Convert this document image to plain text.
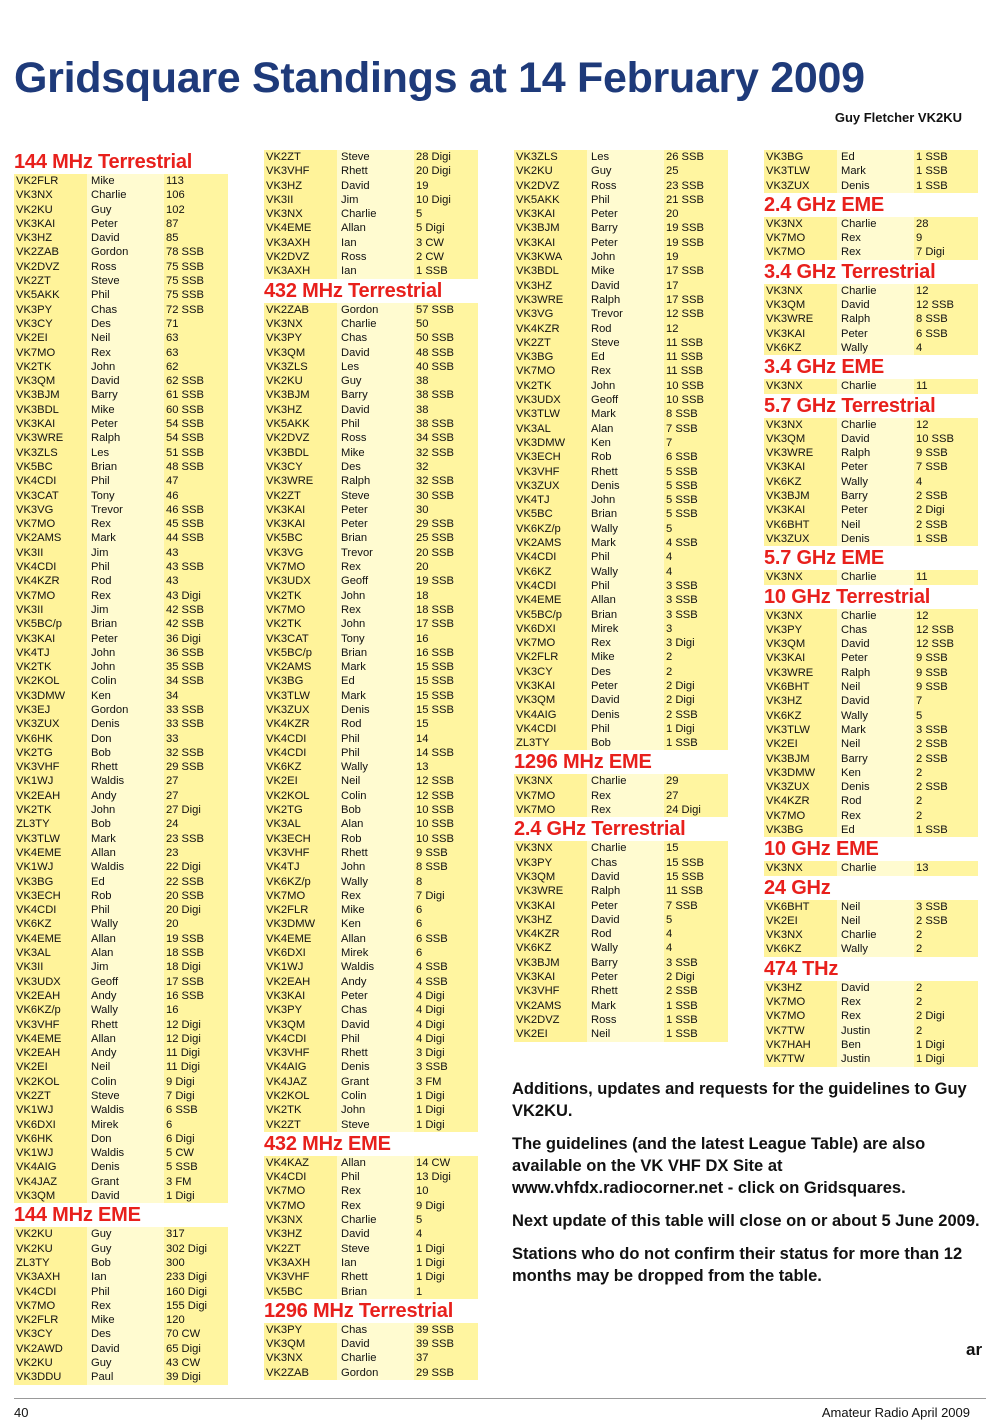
Gridsquare Standings at 14 February 2009
Guy Fletcher VK2KU
144 MHz Terrestrial
VK2FLR	Mike	113
VK3NX	Charlie	106
VK2KU	Guy	102
VK3KAI	Peter	87
VK3HZ	David	85
VK2ZAB	Gordon	78 SSB
VK2DVZ	Ross	75 SSB
VK2ZT	Steve	75 SSB
VK5AKK	Phil	75 SSB
VK3PY	Chas	72 SSB
VK3CY	Des	71
VK2EI	Neil	63
VK7MO	Rex	63
VK2TK	John	62
VK3QM	David	62 SSB
VK3BJM	Barry	61 SSB
VK3BDL	Mike	60 SSB
VK3KAI	Peter	54 SSB
VK3WRE	Ralph	54 SSB
VK3ZLS	Les	51 SSB
VK5BC	Brian	48 SSB
VK4CDI	Phil	47
VK3CAT	Tony	46
VK3VG	Trevor	46 SSB
VK7MO	Rex	45 SSB
VK2AMS	Mark	44 SSB
VK3II	Jim	43
VK4CDI	Phil	43 SSB
VK4KZR	Rod	43
VK7MO	Rex	43 Digi
VK3II	Jim	42 SSB
VK5BC/p	Brian	42 SSB
VK3KAI	Peter	36 Digi
VK4TJ	John	36 SSB
VK2TK	John	35 SSB
VK2KOL	Colin	34 SSB
VK3DMW	Ken	34
VK3EJ	Gordon	33 SSB
VK3ZUX	Denis	33 SSB
VK6HK	Don	33
VK2TG	Bob	32 SSB
VK3VHF	Rhett	29 SSB
VK1WJ	Waldis	27
VK2EAH	Andy	27
VK2TK	John	27 Digi
ZL3TY	Bob	24
VK3TLW	Mark	23 SSB
VK4EME	Allan	23
VK1WJ	Waldis	22 Digi
VK3BG	Ed	22 SSB
VK3ECH	Rob	20 SSB
VK4CDI	Phil	20 Digi
VK6KZ	Wally	20
VK4EME	Allan	19 SSB
VK3AL	Alan	18 SSB
VK3II	Jim	18 Digi
VK3UDX	Geoff	17 SSB
VK2EAH	Andy	16 SSB
VK6KZ/p	Wally	16
VK3VHF	Rhett	12 Digi
VK4EME	Allan	12 Digi
VK2EAH	Andy	11 Digi
VK2EI	Neil	11 Digi
VK2KOL	Colin	9 Digi
VK2ZT	Steve	7 Digi
VK1WJ	Waldis	6 SSB
VK6DXI	Mirek	6
VK6HK	Don	6 Digi
VK1WJ	Waldis	5 CW
VK4AIG	Denis	5 SSB
VK4JAZ	Grant	3 FM
VK3QM	David	1 Digi
144 MHz EME
VK2KU	Guy	317
VK2KU	Guy	302 Digi
ZL3TY	Bob	300
VK3AXH	Ian	233 Digi
VK4CDI	Phil	160 Digi
VK7MO	Rex	155 Digi
VK2FLR	Mike	120
VK3CY	Des	70 CW
VK2AWD	David	65 Digi
VK2KU	Guy	43 CW
VK3DDU	Paul	39 Digi
VK2ZT	Steve	28 Digi
VK3VHF	Rhett	20 Digi
VK3HZ	David	19
VK3II	Jim	10 Digi
VK3NX	Charlie	5
VK4EME	Allan	5 Digi
VK3AXH	Ian	3 CW
VK2DVZ	Ross	2 CW
VK3AXH	Ian	1 SSB
432 MHz Terrestrial
VK2ZAB	Gordon	57 SSB
VK3NX	Charlie	50
VK3PY	Chas	50 SSB
VK3QM	David	48 SSB
VK3ZLS	Les	40 SSB
VK2KU	Guy	38
VK3BJM	Barry	38 SSB
VK3HZ	David	38
VK5AKK	Phil	38 SSB
VK2DVZ	Ross	34 SSB
VK3BDL	Mike	32 SSB
VK3CY	Des	32
VK3WRE	Ralph	32 SSB
VK2ZT	Steve	30 SSB
VK3KAI	Peter	30
VK3KAI	Peter	29 SSB
VK5BC	Brian	25 SSB
VK3VG	Trevor	20 SSB
VK7MO	Rex	20
VK3UDX	Geoff	19 SSB
VK2TK	John	18
VK7MO	Rex	18 SSB
VK2TK	John	17 SSB
VK3CAT	Tony	16
VK5BC/p	Brian	16 SSB
VK2AMS	Mark	15 SSB
VK3BG	Ed	15 SSB
VK3TLW	Mark	15 SSB
VK3ZUX	Denis	15 SSB
VK4KZR	Rod	15
VK4CDI	Phil	14
VK4CDI	Phil	14 SSB
VK6KZ	Wally	13
VK2EI	Neil	12 SSB
VK2KOL	Colin	12 SSB
VK2TG	Bob	10 SSB
VK3AL	Alan	10 SSB
VK3ECH	Rob	10 SSB
VK3VHF	Rhett	9 SSB
VK4TJ	John	8 SSB
VK6KZ/p	Wally	8
VK7MO	Rex	7 Digi
VK2FLR	Mike	6
VK3DMW	Ken	6
VK4EME	Allan	6 SSB
VK6DXI	Mirek	6
VK1WJ	Waldis	4 SSB
VK2EAH	Andy	4 SSB
VK3KAI	Peter	4 Digi
VK3PY	Chas	4 Digi
VK3QM	David	4 Digi
VK4CDI	Phil	4 Digi
VK3VHF	Rhett	3 Digi
VK4AIG	Denis	3 SSB
VK4JAZ	Grant	3 FM
VK2KOL	Colin	1 Digi
VK2TK	John	1 Digi
VK2ZT	Steve	1 Digi
432 MHz EME
VK4KAZ	Allan	14 CW
VK4CDI	Phil	13 Digi
VK7MO	Rex	10
VK7MO	Rex	9 Digi
VK3NX	Charlie	5
VK3HZ	David	4
VK2ZT	Steve	1 Digi
VK3AXH	Ian	1 Digi
VK3VHF	Rhett	1 Digi
VK5BC	Brian	1
1296 MHz Terrestrial
VK3PY	Chas	39 SSB
VK3QM	David	39 SSB
VK3NX	Charlie	37
VK2ZAB	Gordon	29 SSB
VK3ZLS	Les	26 SSB
VK2KU	Guy	25
VK2DVZ	Ross	23 SSB
VK5AKK	Phil	21 SSB
VK3KAI	Peter	20
VK3BJM	Barry	19 SSB
VK3KAI	Peter	19 SSB
VK3KWA	John	19
VK3BDL	Mike	17 SSB
VK3HZ	David	17
VK3WRE	Ralph	17 SSB
VK3VG	Trevor	12 SSB
VK4KZR	Rod	12
VK2ZT	Steve	11 SSB
VK3BG	Ed	11 SSB
VK7MO	Rex	11 SSB
VK2TK	John	10 SSB
VK3UDX	Geoff	10 SSB
VK3TLW	Mark	8 SSB
VK3AL	Alan	7 SSB
VK3DMW	Ken	7
VK3ECH	Rob	6 SSB
VK3VHF	Rhett	5 SSB
VK3ZUX	Denis	5 SSB
VK4TJ	John	5 SSB
VK5BC	Brian	5 SSB
VK6KZ/p	Wally	5
VK2AMS	Mark	4 SSB
VK4CDI	Phil	4
VK6KZ	Wally	4
VK4CDI	Phil	3 SSB
VK4EME	Allan	3 SSB
VK5BC/p	Brian	3 SSB
VK6DXI	Mirek	3
VK7MO	Rex	3 Digi
VK2FLR	Mike	2
VK3CY	Des	2
VK3KAI	Peter	2 Digi
VK3QM	David	2 Digi
VK4AIG	Denis	2 SSB
VK4CDI	Phil	1 Digi
ZL3TY	Bob	1 SSB
1296 MHz EME
VK3NX	Charlie	29
VK7MO	Rex	27
VK7MO	Rex	24 Digi
2.4 GHz Terrestrial
VK3NX	Charlie	15
VK3PY	Chas	15 SSB
VK3QM	David	15 SSB
VK3WRE	Ralph	11 SSB
VK3KAI	Peter	7 SSB
VK3HZ	David	5
VK4KZR	Rod	4
VK6KZ	Wally	4
VK3BJM	Barry	3 SSB
VK3KAI	Peter	2 Digi
VK3VHF	Rhett	2 SSB
VK2AMS	Mark	1 SSB
VK2DVZ	Ross	1 SSB
VK2EI	Neil	1 SSB
VK3BG	Ed	1 SSB
VK3TLW	Mark	1 SSB
VK3ZUX	Denis	1 SSB
2.4 GHz EME
VK3NX	Charlie	28
VK7MO	Rex	9
VK7MO	Rex	7 Digi
3.4 GHz Terrestrial
VK3NX	Charlie	12
VK3QM	David	12 SSB
VK3WRE	Ralph	8 SSB
VK3KAI	Peter	6 SSB
VK6KZ	Wally	4
3.4 GHz EME
VK3NX	Charlie	11
5.7 GHz Terrestrial
VK3NX	Charlie	12
VK3QM	David	10 SSB
VK3WRE	Ralph	9 SSB
VK3KAI	Peter	7 SSB
VK6KZ	Wally	4
VK3BJM	Barry	2 SSB
VK3KAI	Peter	2 Digi
VK6BHT	Neil	2 SSB
VK3ZUX	Denis	1 SSB
5.7 GHz EME
VK3NX	Charlie	11
10 GHz Terrestrial
VK3NX	Charlie	12
VK3PY	Chas	12 SSB
VK3QM	David	12 SSB
VK3KAI	Peter	9 SSB
VK3WRE	Ralph	9 SSB
VK6BHT	Neil	9 SSB
VK3HZ	David	7
VK6KZ	Wally	5
VK3TLW	Mark	3 SSB
VK2EI	Neil	2 SSB
VK3BJM	Barry	2 SSB
VK3DMW	Ken	2
VK3ZUX	Denis	2 SSB
VK4KZR	Rod	2
VK7MO	Rex	2
VK3BG	Ed	1 SSB
10 GHz EME
VK3NX	Charlie	13
24 GHz
VK6BHT	Neil	3 SSB
VK2EI	Neil	2 SSB
VK3NX	Charlie	2
VK6KZ	Wally	2
474 THz
VK3HZ	David	2
VK7MO	Rex	2
VK7MO	Rex	2 Digi
VK7TW	Justin	2
VK7HAH	Ben	1 Digi
VK7TW	Justin	1 Digi

Additions, updates and requests for the guidelines to Guy VK2KU.

The guidelines (and the latest League Table) are also available on the VK VHF DX Site at www.vhfdx.radiocorner.net - click on Gridsquares.

Next update of this table will close on or about 5 June 2009.

Stations who do not confirm their status for more than 12 months may be dropped from the table.

ar
40	Amateur Radio April 2009
